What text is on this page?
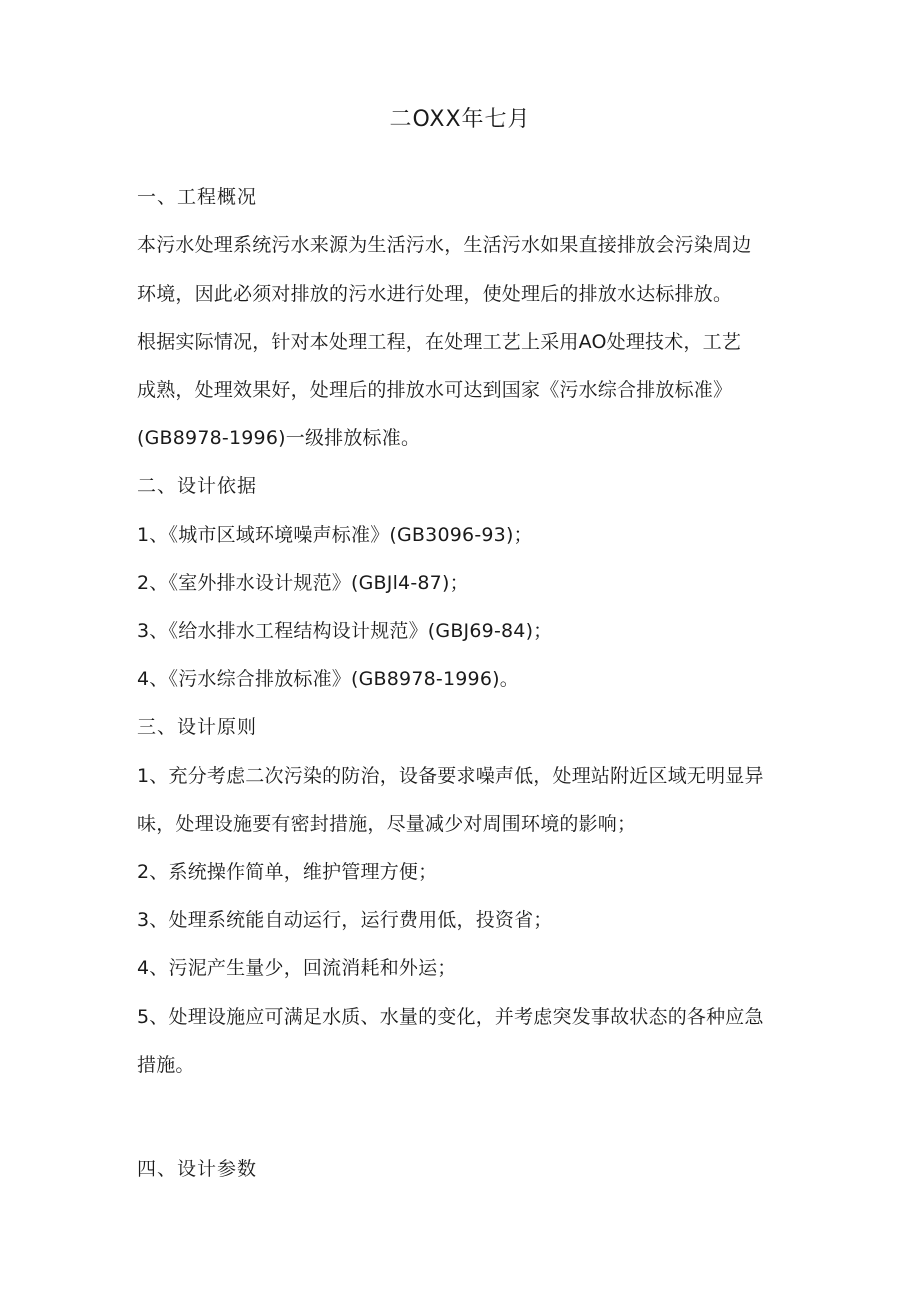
二OXX年七月
一、工程概况
本污水处理系统污水来源为生活污水，生活污水如果直接排放会污染周边
环境，因此必须对排放的污水进行处理，使处理后的排放水达标排放。
根据实际情况，针对本处理工程，在处理工艺上采用AO处理技术，工艺
成熟，处理效果好，处理后的排放水可达到国家《污水综合排放标准》
(GB8978-1996)一级排放标准。
二、设计依据
1、《城市区域环境噪声标准》(GB3096-93)；
2、《室外排水设计规范》(GBJl4-87)；
3、《给水排水工程结构设计规范》(GBJ69-84)；
4、《污水综合排放标准》(GB8978-1996)。
三、设计原则
1、充分考虑二次污染的防治，设备要求噪声低，处理站附近区域无明显异
味，处理设施要有密封措施，尽量减少对周围环境的影响；
2、系统操作简单，维护管理方便；
3、处理系统能自动运行，运行费用低，投资省；
4、污泥产生量少，回流消耗和外运；
5、处理设施应可满足水质、水量的变化，并考虑突发事故状态的各种应急
措施。
四、设计参数
